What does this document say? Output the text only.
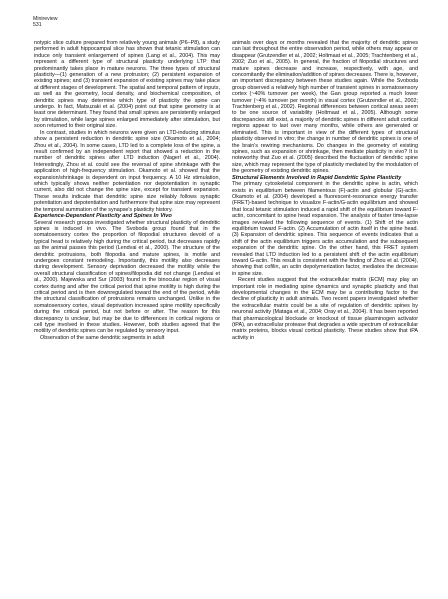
Minireview
531

notypic slice culture prepared from relatively young animals (P6–P8), a study performed in adult hippocampal slice has shown that tetanic stimulation can induce only transient enlargement of spines (Lang et al., 2004). This may represent a different type of structural plasticity underlying LTP that predominantly takes place in mature neurons. The three types of structural plasticity—(1) generation of a new protrusion; (2) persistent expansion of existing spines; and (3) transient expansion of existing spines may take place at different stages of development. The spatial and temporal pattern of inputs, as well as the geometry, local density, and biochemical composition, of dendritic spines may determine which type of plasticity the spine can undergo. In fact, Matsuzaki et al. (2004) point out that spine geometry is at least one determinant. They found that small spines are persistently enlarged by stimulation, while large spines enlarged immediately after stimulation, but soon returned to their original size.

In contrast, studies in which neurons were given an LTD-inducing stimulus show a persistent reduction in dendritic spine size (Okamoto et al., 2004; Zhou et al., 2004). In some cases, LTD led to a complete loss of the spine, a result confirmed by an independent report that showed a reduction in the number of dendritic spines after LTD induction (Nagerl et al., 2004). Interestingly, Zhou et al. could see the reversal of spine shrinkage with the application of high-frequency stimulation. Okamoto et al. showed that the expansion/shrinkage is dependent on input frequency. A 10 Hz stimulation, which typically shows neither potentiation nor depotentiation in synaptic current, also did not change the spine size, except for transient expansion. These results indicate that dendritic spine size reliably follows synaptic potentiation and depotentiation and furthermore that spine size may represent the temporal summation of the synapse's plasticity history.

Experience-Dependent Plasticity and Spines In Vivo

Several research groups investigated whether structural plasticity of dendritic spines is induced in vivo. The Svoboda group found that in the somatosensory cortex the proportion of filopodial structures devoid of a typical head is relatively high during the critical period, but decreases rapidly as the animal passes this period (Lendvai et al., 2000). The structure of the dendritic protrusions, both filopodia and mature spines, is motile and undergoes constant remodeling. Importantly, this motility also decreases during development. Sensory deprivation decreased the motility while the overall structural classification of spines/filopodia did not change (Lendvai et al., 2000). Majewska and Sur (2003) found in the binocular region of visual cortex during and after the critical period that spine motility is high during the critical period and is then downregulated toward the end of the period, while the structural classification of protrusions remains unchanged. Unlike in the somatosensory cortex, visual deprivation increased spine motility specifically during the critical period, but not before or after. The reason for this discrepancy is unclear, but may be due to differences in cortical regions or cell type involved in these studies. However, both studies agreed that the motility of dendritic spines can be regulated by sensory input.

Observation of the same dendritic segments in adult

animals over days or months revealed that the majority of dendritic spines can last throughout the entire observation period, while others may appear or disappear (Grutzendler et al., 2002; Holtmaat et al., 2005; Trachtenberg et al., 2002; Zuo et al., 2005). In general, the fraction of filopodial structures and mature spines decrease and increase, respectively, with age, and concomitantly the elimination/addition of spines decreases. There is, however, an important discrepancy between these studies again. While the Svoboda group observed a relatively high number of transient spines in somatosensory cortex (~40% turnover per week), the Gan group reported a much lower turnover (~4% turnover per month) in visual cortex (Grutzendler et al., 2002; Trachtenberg et al., 2002). Regional differences between cortical areas seem to be one source of variability (Holtmaat et al., 2005). Although some discrepancies still exist, a majority of dendritic spines in different adult cortical regions appear to last over many months, while others are generated or eliminated. This is important in view of the different types of structural plasticity observed in vitro; the change in number of dendritic spines is one of the brain's rewiring mechanisms. Do changes in the geometry of existing spines, such as expansion or shrinkage, then mediate plasticity in vivo? It is noteworthy that Zuo et al. (2005) described the fluctuation of dendritic spine size, which may represent the type of plasticity mediated by the modulation of the geometry of existing dendritic spines.

Structural Elements Involved in Rapid Dendritic Spine Plasticity

The primary cytoskeletal component in the dendritic spine is actin, which exists in equilibrium between filamentous (F)-actin and globular (G)-actin. Okamoto et al. (2004) developed a fluorescent-resonance energy transfer (FRET)-based technique to visualize F-actin/G-actin equilibrium and showed that local tetanic stimulation induced a rapid shift of the equilibrium toward F-actin, concomitant to spine head expansion. The analysis of faster time-lapse images revealed the following sequence of events. (1) Shift of the actin equilibrium toward F-actin. (2) Accumulation of actin itself in the spine head. (3) Expansion of dendritic spines. This sequence of events indicates that a shift of the actin equilibrium triggers actin accumulation and the subsequent expansion of the dendritic spine. On the other hand, this FRET system revealed that LTD induction led to a persistent shift of the actin equilibrium toward G-actin. This result is consistent with the finding of Zhou et al. (2004), showing that cofilin, an actin depolymerization factor, mediates the decrease in spine size.

Recent studies suggest that the extracellular matrix (ECM) may play an important role in mediating spine dynamics and synaptic plasticity and that developmental changes in the ECM may be a contributing factor to the decline of plasticity in adult animals. Two recent papers investigated whether the extracellular matrix could be a site of regulation of dendritic spines by neuronal activity (Mataga et al., 2004; Oray et al., 2004). It has been reported that pharmacological blockade or knockout of tissue plasminogen activator (tPA), an extracellular protease that degrades a wide spectrum of extracellular matrix proteins, blocks visual cortical plasticity. These studies show that tPA activity in
